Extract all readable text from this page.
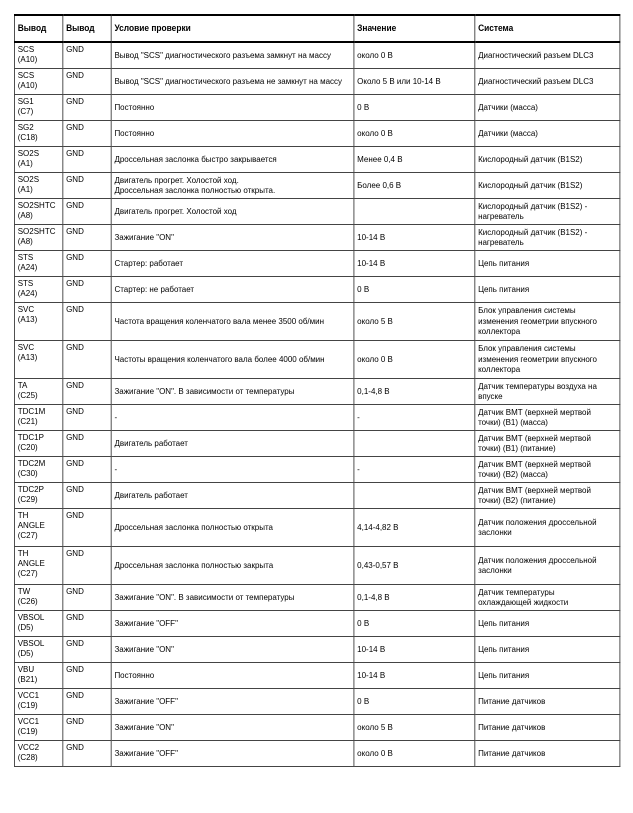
Вывод	Вывод	Условие проверки	Значение	Система
SCS
(A10)	GND	Вывод "SCS" диагностического разъема замкнут на массу	около 0 В	Диагностический разъем DLC3
SCS
(A10)	GND	Вывод "SCS" диагностического разъема не замкнут на массу	Около 5 В или 10-14 В	Диагностический разъем DLC3
SG1
(C7)	GND	Постоянно	0 В	Датчики (масса)
SG2
(C18)	GND	Постоянно	около 0 В	Датчики (масса)
SO2S
(A1)	GND	Дроссельная заслонка быстро закрывается	Менее 0,4 В	Кислородный датчик (B1S2)
SO2S
(A1)	GND	Двигатель прогрет. Холостой ход.
Дроссельная заслонка полностью открыта.	Более 0,6 В	Кислородный датчик (B1S2)
SO2SHTC
(A8)	GND	Двигатель прогрет. Холостой ход		Кислородный датчик (B1S2) -
нагреватель
SO2SHTC
(A8)	GND	Зажигание "ON"	10-14 В	Кислородный датчик (B1S2) -
нагреватель
STS
(A24)	GND	Стартер: работает	10-14 В	Цепь питания
STS
(A24)	GND	Стартер: не работает	0 В	Цепь питания
SVC
(A13)	GND	Частота вращения коленчатого вала менее 3500 об/мин	около 5 В	Блок управления системы
изменения геометрии впускного
коллектора
SVC
(A13)	GND	Частоты вращения коленчатого вала более 4000 об/мин	около 0 В	Блок управления системы
изменения геометрии впускного
коллектора
TA
(C25)	GND	Зажигание "ON". В зависимости от температуры	0,1-4,8 В	Датчик температуры воздуха на
впуске
TDC1M
(C21)	GND	-	-	Датчик ВМТ (верхней мертвой
точки) (B1) (масса)
TDC1P
(C20)	GND	Двигатель работает		Датчик ВМТ (верхней мертвой
точки) (B1) (питание)
TDC2M
(C30)	GND	-	-	Датчик ВМТ (верхней мертвой
точки) (B2) (масса)
TDC2P
(C29)	GND	Двигатель работает		Датчик ВМТ (верхней мертвой
точки) (B2) (питание)
TH
ANGLE
(C27)	GND	Дроссельная заслонка полностью открыта	4,14-4,82 В	Датчик положения дроссельной
заслонки
TH
ANGLE
(C27)	GND	Дроссельная заслонка полностью закрыта	0,43-0,57 В	Датчик положения дроссельной
заслонки
TW
(C26)	GND	Зажигание "ON". В зависимости от температуры	0,1-4,8 В	Датчик температуры
охлаждающей жидкости
VBSOL
(D5)	GND	Зажигание "OFF"	0 В	Цепь питания
VBSOL
(D5)	GND	Зажигание "ON"	10-14 В	Цепь питания
VBU
(B21)	GND	Постоянно	10-14 В	Цепь питания
VCC1
(C19)	GND	Зажигание "OFF"	0 В	Питание датчиков
VCC1
(C19)	GND	Зажигание "ON"	около 5 В	Питание датчиков
VCC2
(C28)	GND	Зажигание "OFF"	около 0 В	Питание датчиков
